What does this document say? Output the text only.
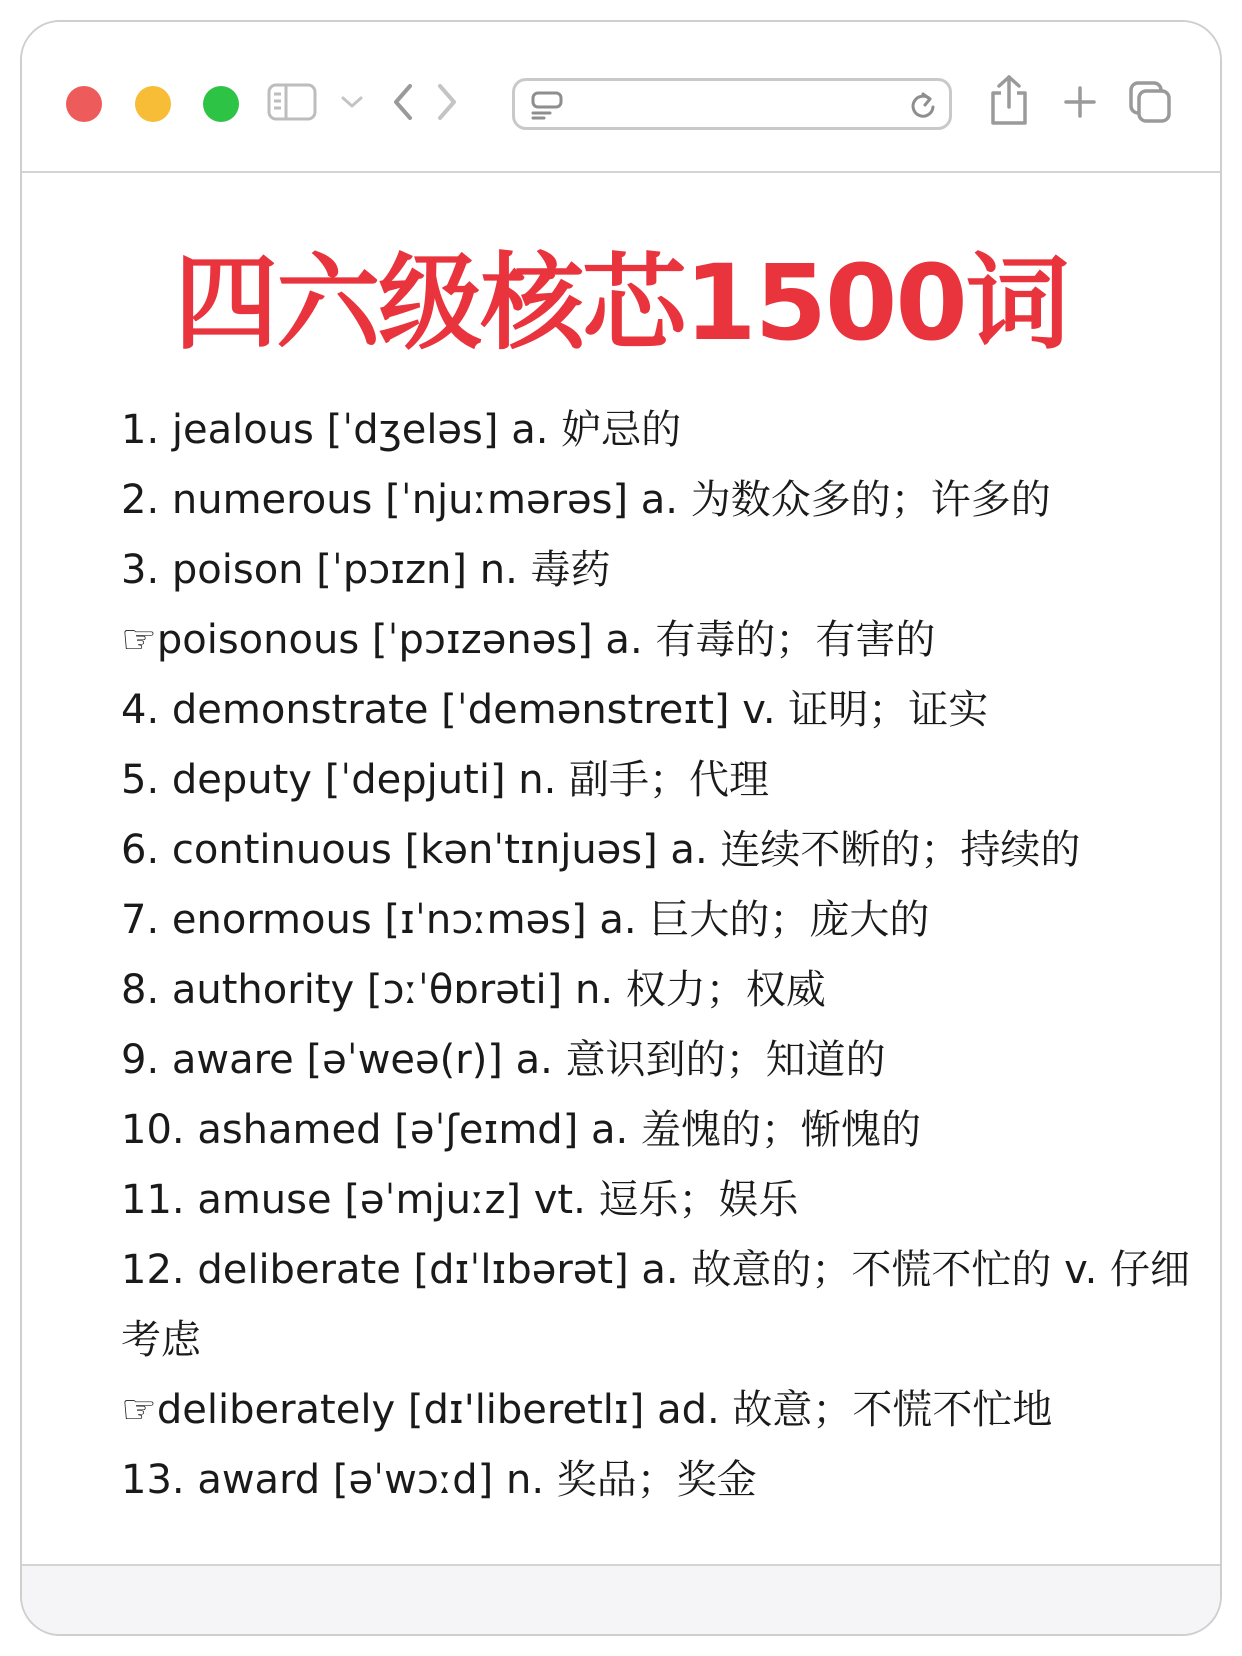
四六级核芯1500词
1. jealous [ˈdʒeləs] a. 妒忌的
2. numerous [ˈnjuːmərəs] a. 为数众多的；许多的
3. poison [ˈpɔɪzn] n. 毒药
☞poisonous [ˈpɔɪzənəs] a. 有毒的；有害的
4. demonstrate [ˈdemənstreɪt] v. 证明；证实
5. deputy [ˈdepjuti] n. 副手；代理
6. continuous [kənˈtɪnjuəs] a. 连续不断的；持续的
7. enormous [ɪˈnɔːməs] a. 巨大的；庞大的
8. authority [ɔːˈθɒrəti] n. 权力；权威
9. aware [əˈweə(r)] a. 意识到的；知道的
10. ashamed [əˈʃeɪmd] a. 羞愧的；惭愧的
11. amuse [əˈmjuːz] vt. 逗乐；娱乐
12. deliberate [dɪˈlɪbərət] a. 故意的；不慌不忙的 v. 仔细考虑
☞deliberately [dɪ'liberetlɪ] ad. 故意；不慌不忙地
13. award [əˈwɔːd] n. 奖品；奖金
